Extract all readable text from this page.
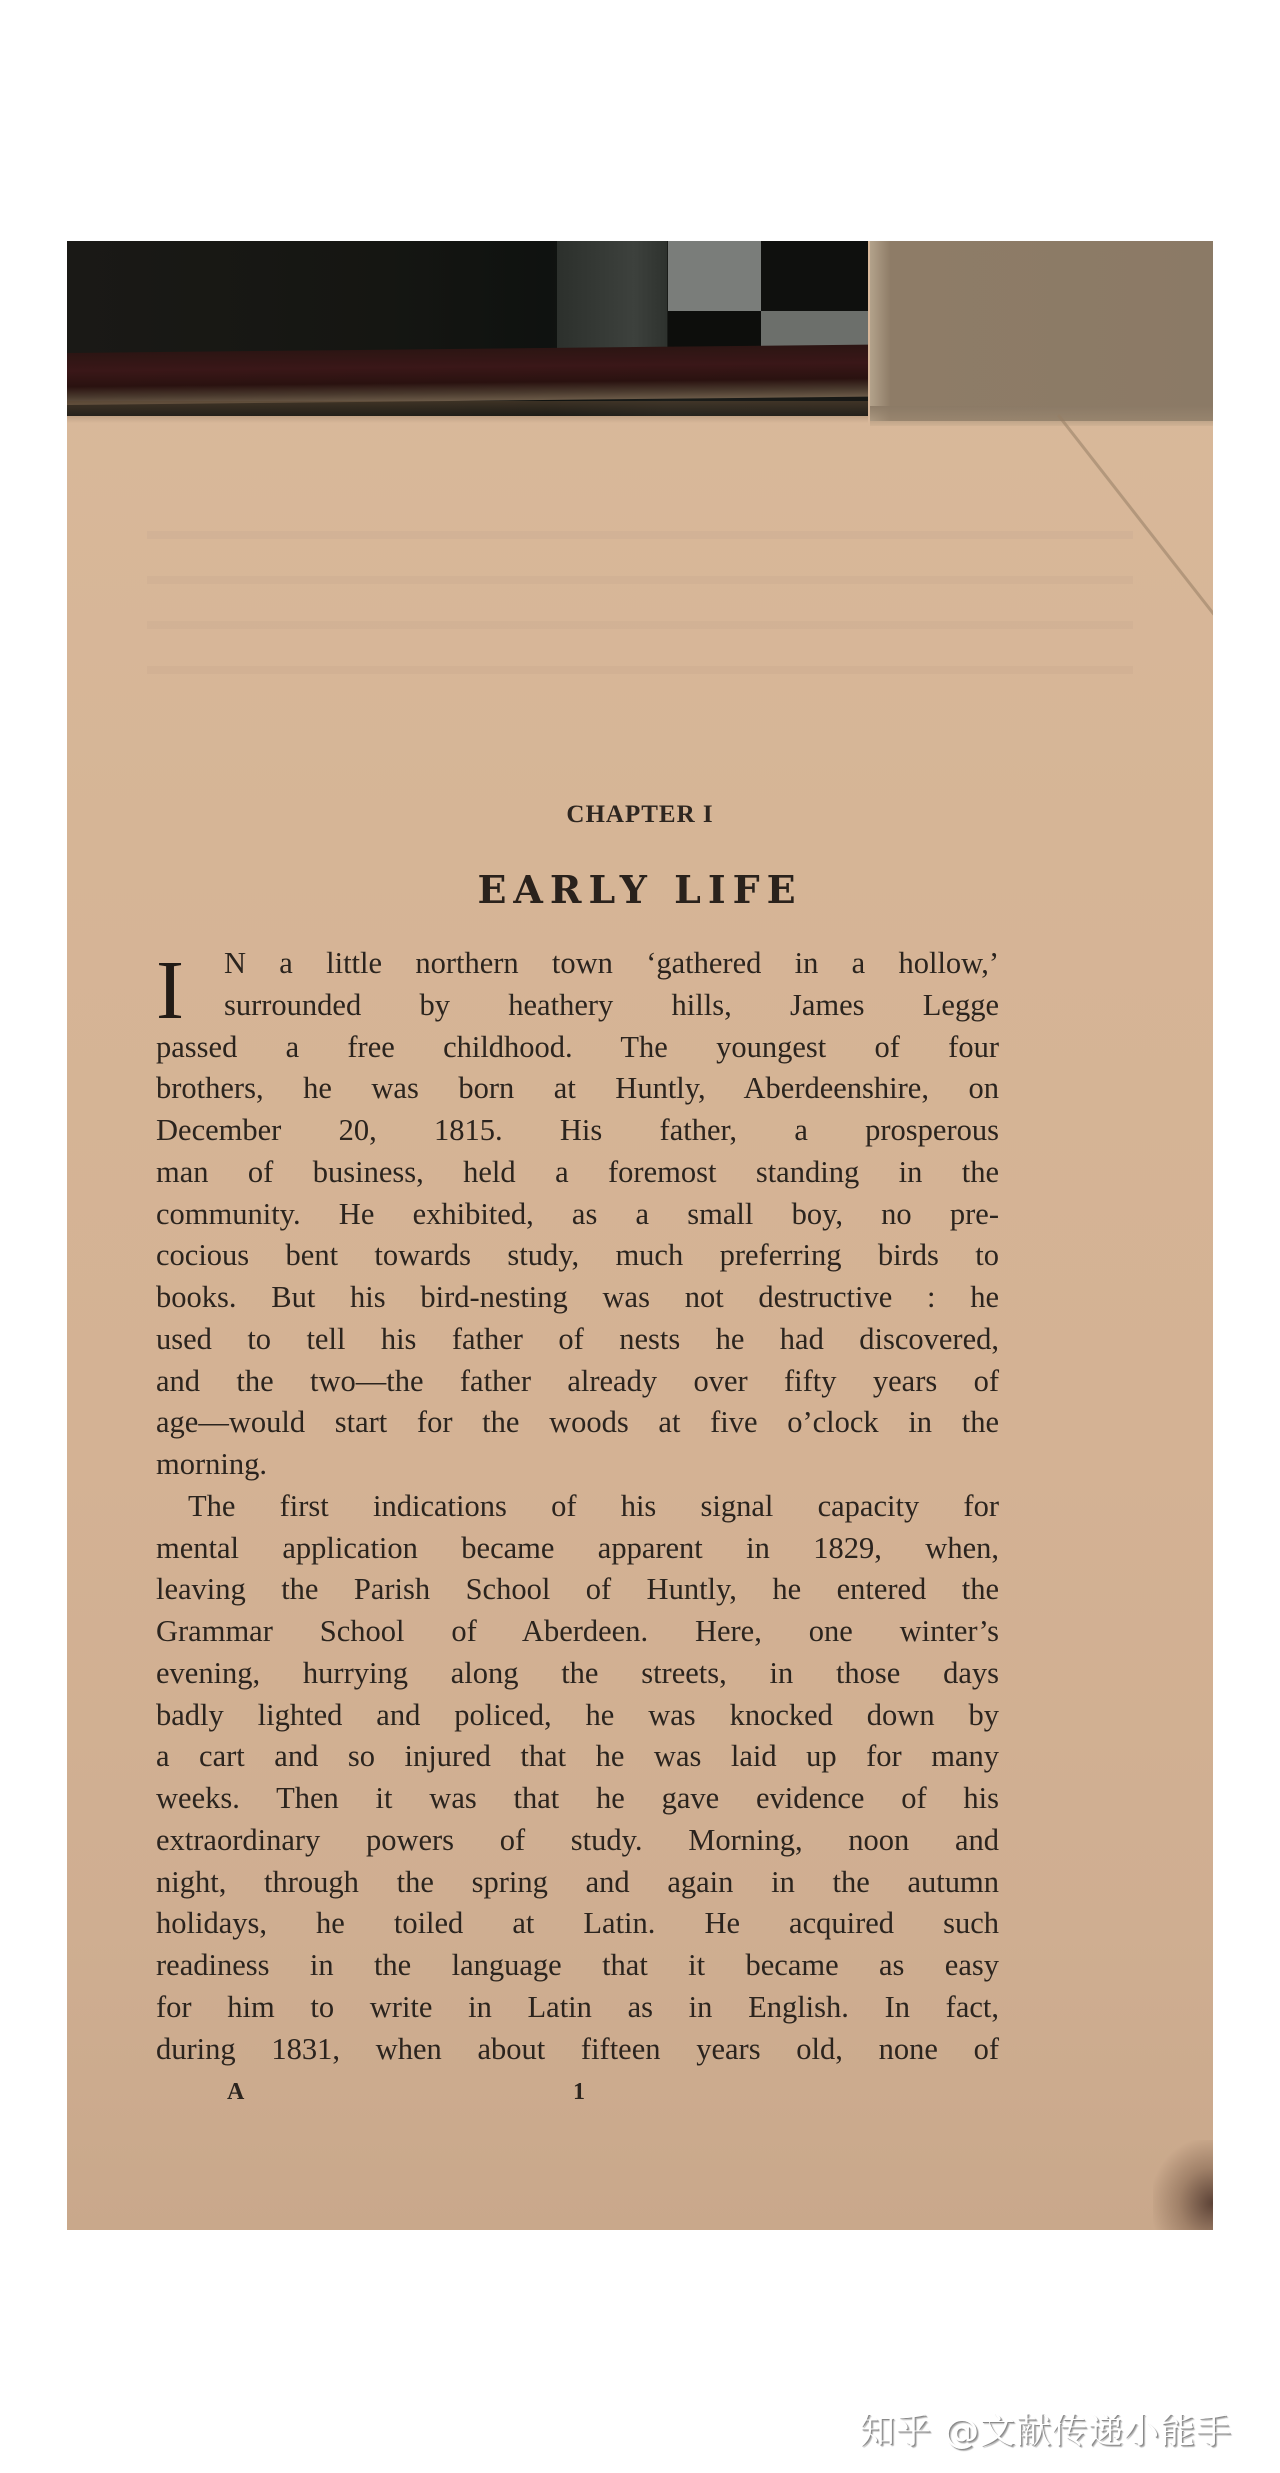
CHAPTER I
EARLY LIFE
I	N a little northern town ‘gathered in a hollow,’
surrounded by heathery hills, James Legge
passed a free childhood. The youngest of four
brothers, he was born at Huntly, Aberdeenshire, on
December 20, 1815. His father, a prosperous
man of business, held a foremost standing in the
community. He exhibited, as a small boy, no pre-
cocious bent towards study, much preferring birds to
books. But his bird-nesting was not destructive : he
used to tell his father of nests he had discovered,
and the two—the father already over fifty years of
age—would start for the woods at five o’clock in the
morning.
The first indications of his signal capacity for
mental application became apparent in 1829, when,
leaving the Parish School of Huntly, he entered the
Grammar School of Aberdeen. Here, one winter’s
evening, hurrying along the streets, in those days
badly lighted and policed, he was knocked down by
a cart and so injured that he was laid up for many
weeks. Then it was that he gave evidence of his
extraordinary powers of study. Morning, noon and
night, through the spring and again in the autumn
holidays, he toiled at Latin. He acquired such
readiness in the language that it became as easy
for him to write in Latin as in English. In fact,
during 1831, when about fifteen years old, none of
A	1
知乎 @文献传递小能手
